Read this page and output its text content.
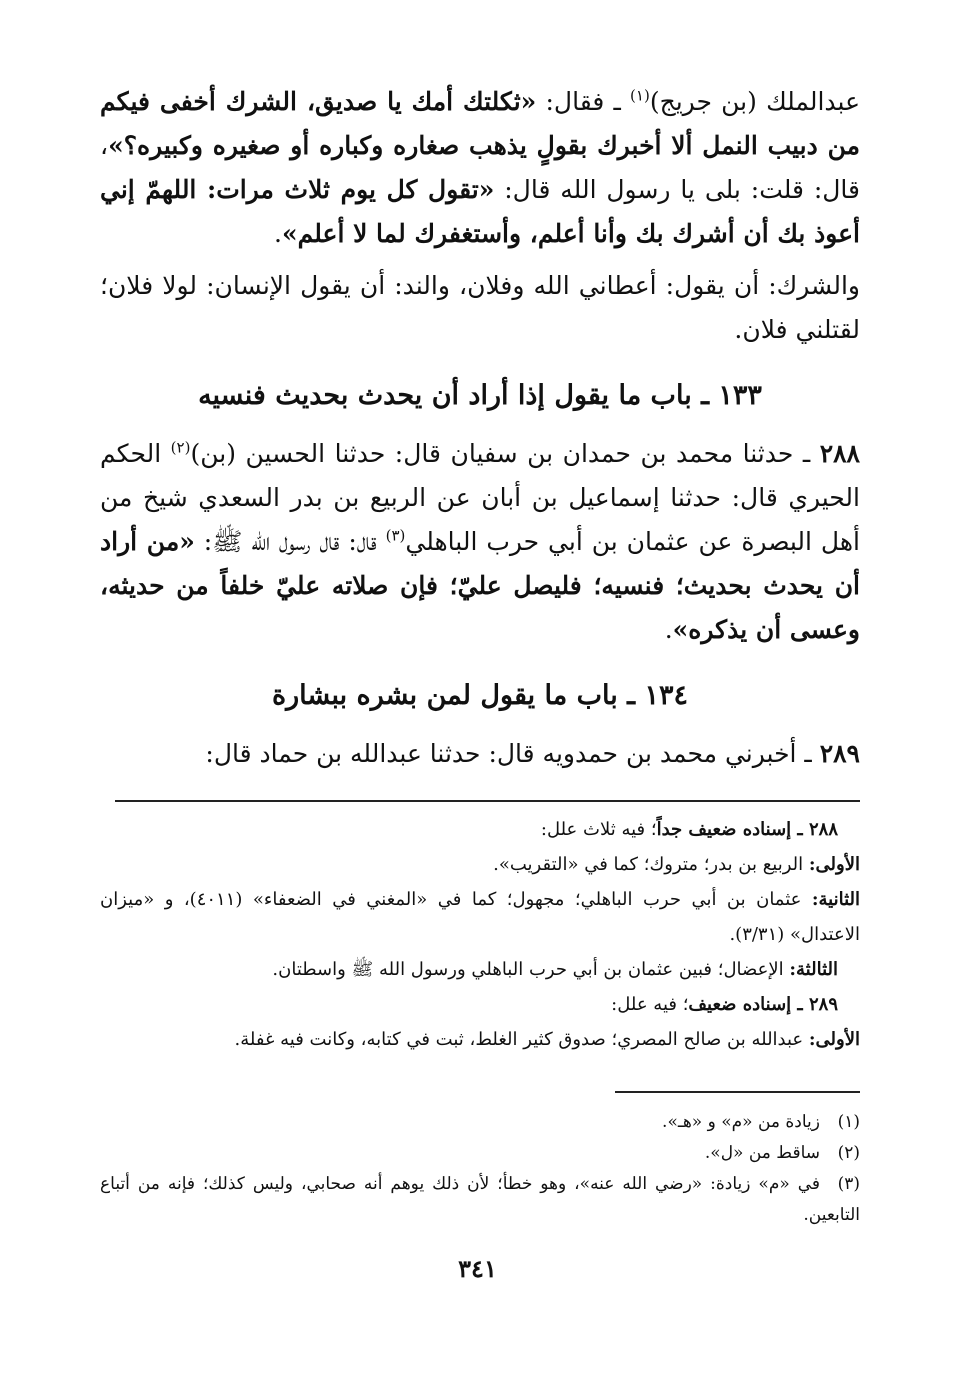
عبدالملك (بن جريج)$^{(١)}$ ـ فقال: «ثكلتك أمك يا صديق، الشرك أخفى فيكم من دبيب النمل ألا أخبرك بقولٍ يذهب صغاره وكباره أو صغيره وكبيره؟»، قال: قلت: بلى يا رسول الله قال: «تقول كل يوم ثلاث مرات: اللهمّ إني أعوذ بك أن أشرك بك وأنا أعلم، وأستغفرك لما لا أعلم».

والشرك: أن يقول: أعطاني الله وفلان، والند: أن يقول الإنسان: لولا فلان؛ لقتلني فلان.

١٣٣ ـ باب ما يقول إذا أراد أن يحدث بحديث فنسيه

٢٨٨ ـ حدثنا محمد بن حمدان بن سفيان قال: حدثنا الحسين (بن)$^{(٢)}$ الحكم الحيري قال: حدثنا إسماعيل بن أبان عن الربيع بن بدر السعدي شيخ من أهل البصرة عن عثمان بن أبي حرب الباهلي$^{(٣)}$ قال: قال رسول الله ﷺ: «من أراد أن يحدث بحديث؛ فنسيه؛ فليصل عليّ؛ فإن صلاته عليّ خلفاً من حديثه، وعسى أن يذكره».

١٣٤ ـ باب ما يقول لمن بشره ببشارة

٢٨٩ ـ أخبرني محمد بن حمدويه قال: حدثنا عبدالله بن حماد قال:

٢٨٨ ـ إسناده ضعيف جداً؛ فيه ثلاث علل:

الأولى: الربيع بن بدر؛ متروك؛ كما في «التقريب».

الثانية: عثمان بن أبي حرب الباهلي؛ مجهول؛ كما في «المغني في الضعفاء» (٤٠١١)، و «ميزان الاعتدال» (٣/٣١).

الثالثة: الإعضال؛ فبين عثمان بن أبي حرب الباهلي ورسول الله ﷺ واسطتان.

٢٨٩ ـ إسناده ضعيف؛ فيه علل:

الأولى: عبدالله بن صالح المصري؛ صدوق كثير الغلط، ثبت في كتابه، وكانت فيه غفلة.

(١)زيادة من «م» و «هـ».

(٢)ساقط من «ل».

(٣)في «م» زيادة: «رضي الله عنه»، وهو خطأ؛ لأن ذلك يوهم أنه صحابي، وليس كذلك؛ فإنه من أتباع التابعين.

٣٤١
